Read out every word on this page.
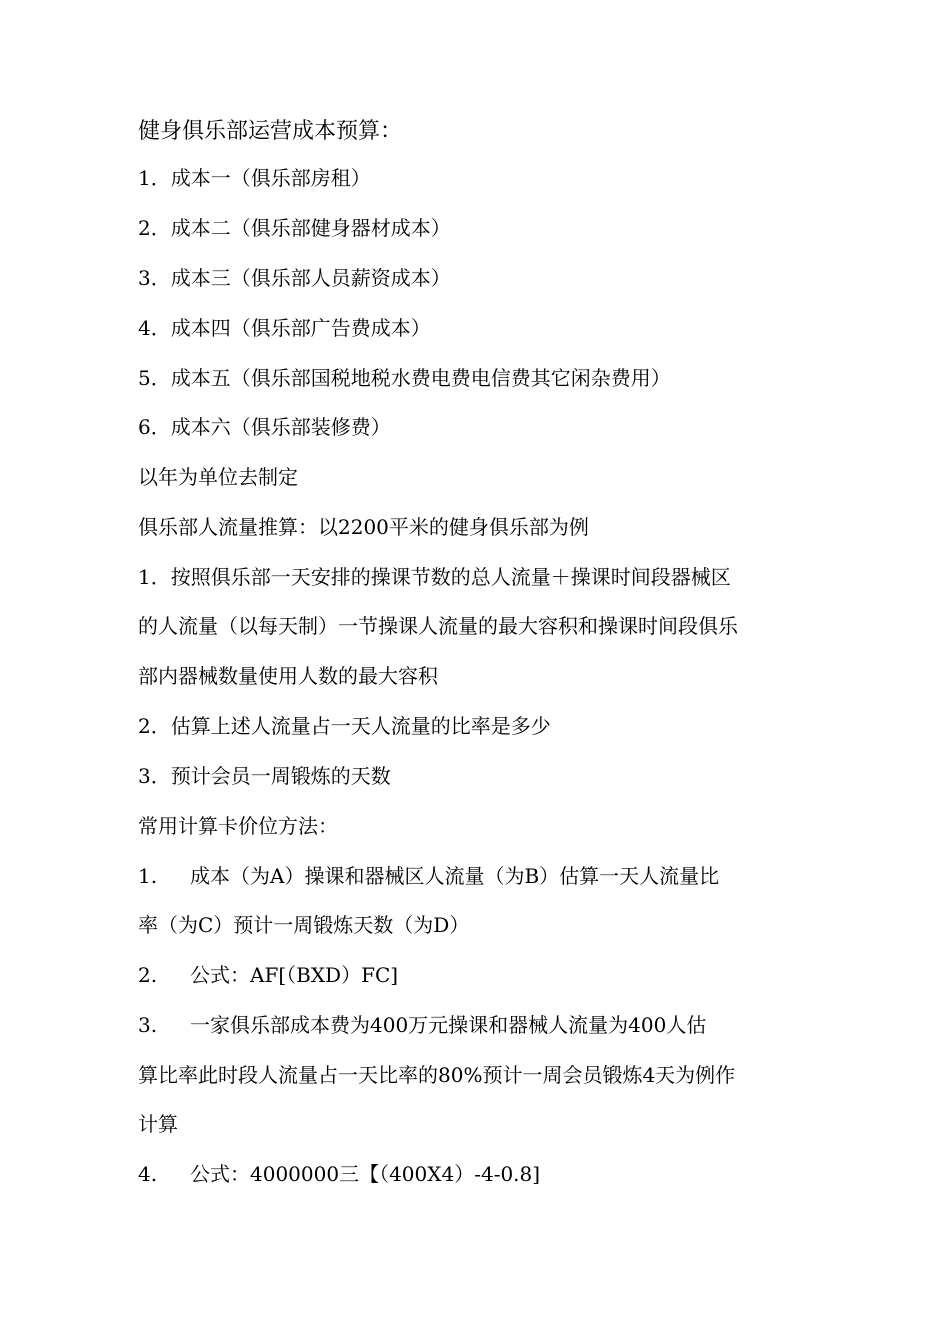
健身俱乐部运营成本预算：
1．成本一（俱乐部房租）
2．成本二（俱乐部健身器材成本）
3．成本三（俱乐部人员薪资成本）
4．成本四（俱乐部广告费成本）
5．成本五（俱乐部国税地税水费电费电信费其它闲杂费用）
6．成本六（俱乐部装修费）
以年为单位去制定
俱乐部人流量推算：以2200平米的健身俱乐部为例
1．按照俱乐部一天安排的操课节数的总人流量＋操课时间段器械区
的人流量（以每天制）一节操课人流量的最大容积和操课时间段俱乐
部内器械数量使用人数的最大容积
2．估算上述人流量占一天人流量的比率是多少
3．预计会员一周锻炼的天数
常用计算卡价位方法：
1. 成本（为A）操课和器械区人流量（为B）估算一天人流量比
率（为C）预计一周锻炼天数（为D）
2. 公式：AF[（BXD）FC]
3. 一家俱乐部成本费为400万元操课和器械人流量为400人估
算比率此时段人流量占一天比率的80%预计一周会员锻炼4天为例作
计算
4. 公式：4000000三【（400X4）-4-0.8]
